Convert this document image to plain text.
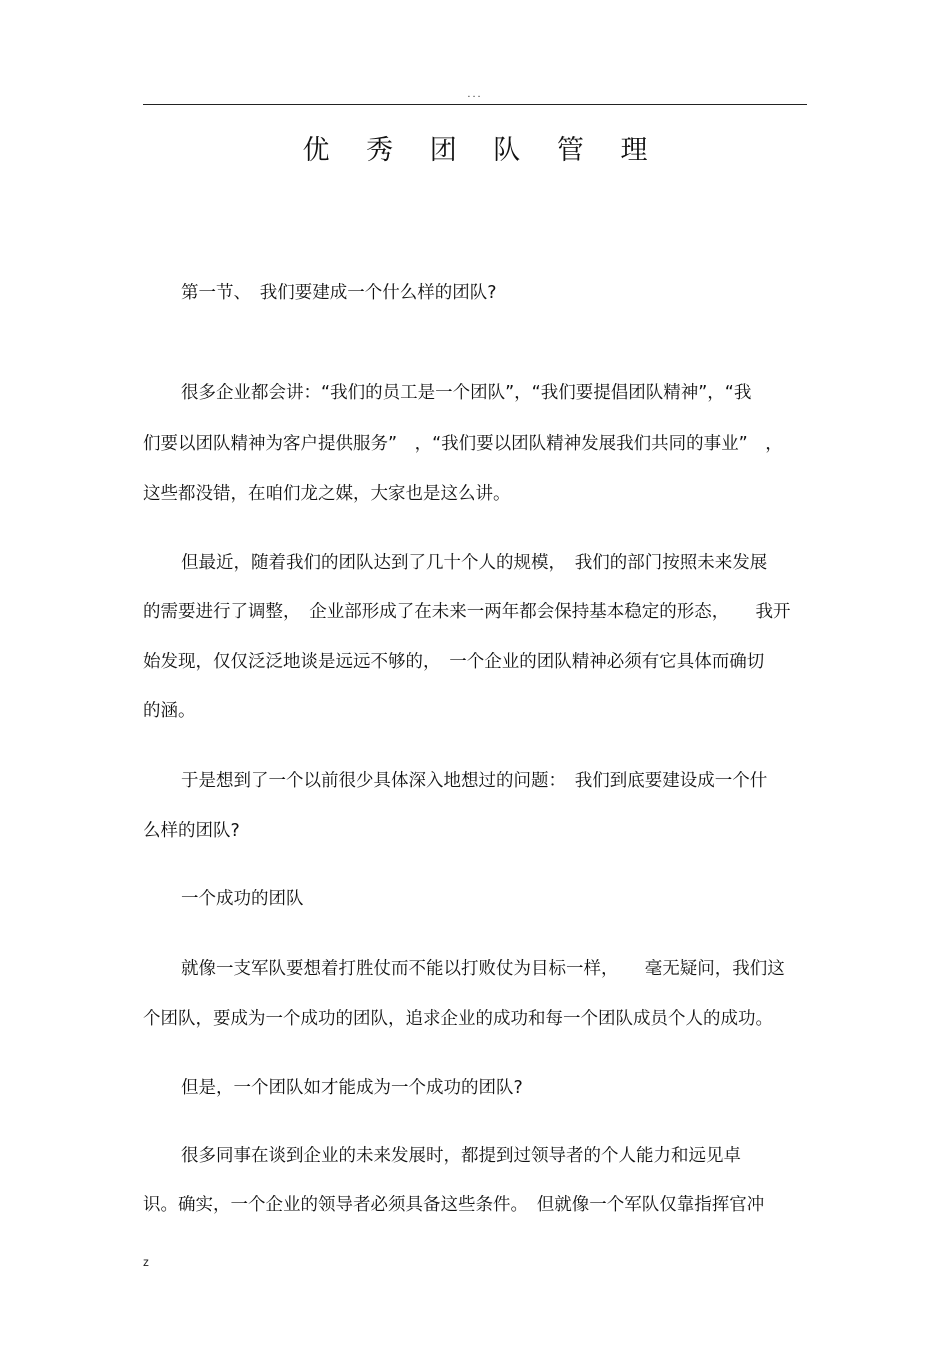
...
优 秀 团 队 管 理
第一节、　我们要建成一个什么样的团队?
很多企业都会讲：“我们的员工是一个团队”，“我们要提倡团队精神”，“我
们要以团队精神为客户提供服务”　，“我们要以团队精神发展我们共同的事业”　，
这些都没错，在咱们龙之媒，大家也是这么讲。
但最近，随着我们的团队达到了几十个人的规模，　我们的部门按照未来发展
的需要进行了调整，　企业部形成了在未来一两年都会保持基本稳定的形态，　　我开
始发现，仅仅泛泛地谈是远远不够的，　一个企业的团队精神必须有它具体而确切
的涵。
于是想到了一个以前很少具体深入地想过的问题：　我们到底要建设成一个什
么样的团队?
一个成功的团队
就像一支军队要想着打胜仗而不能以打败仗为目标一样，　　毫无疑问，我们这
个团队，要成为一个成功的团队，追求企业的成功和每一个团队成员个人的成功。
但是，一个团队如才能成为一个成功的团队?
很多同事在谈到企业的未来发展时，都提到过领导者的个人能力和远见卓
识。确实，一个企业的领导者必须具备这些条件。　但就像一个军队仅靠指挥官冲
z
